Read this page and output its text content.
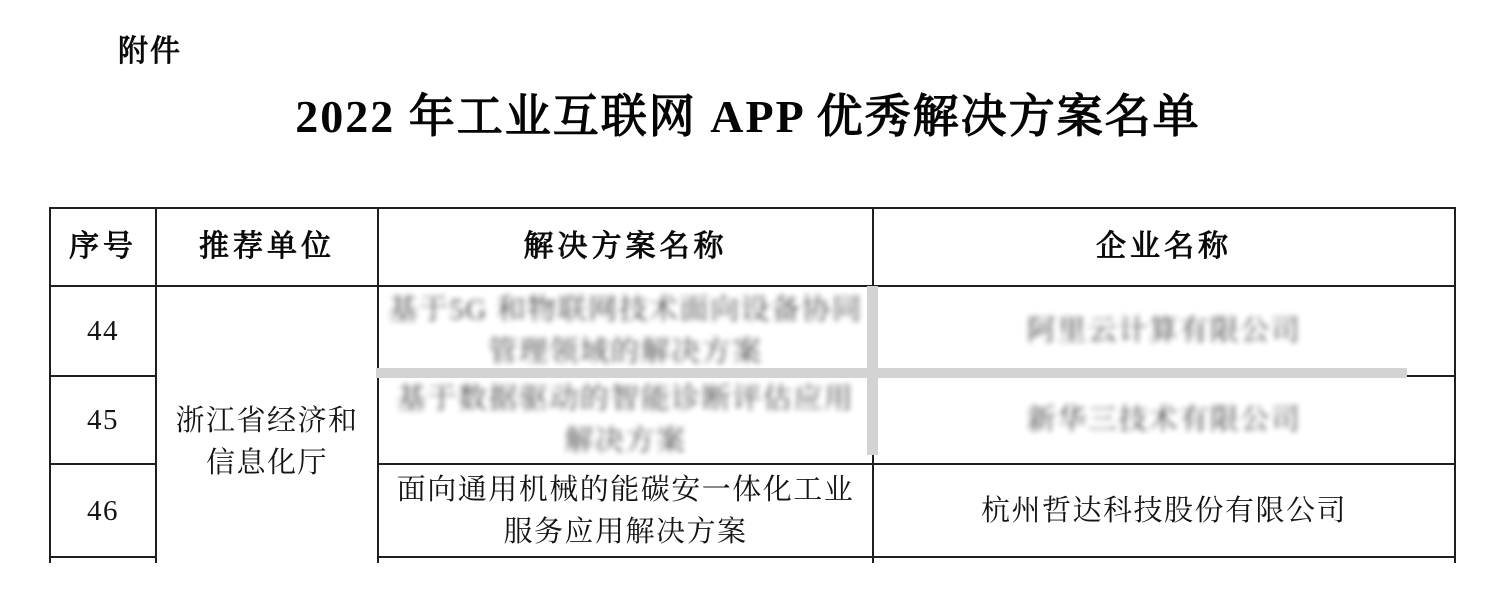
附件
2022 年工业互联网 APP 优秀解决方案名单
序号	推荐单位	解决方案名称	企业名称
44	浙江省经济和信息化厅	基于5G 和物联网技术面向设备协同管理领域的解决方案	阿里云计算有限公司
45		基于数据驱动的智能诊断评估应用解决方案	新华三技术有限公司
46		面向通用机械的能碳安一体化工业服务应用解决方案	杭州哲达科技股份有限公司
